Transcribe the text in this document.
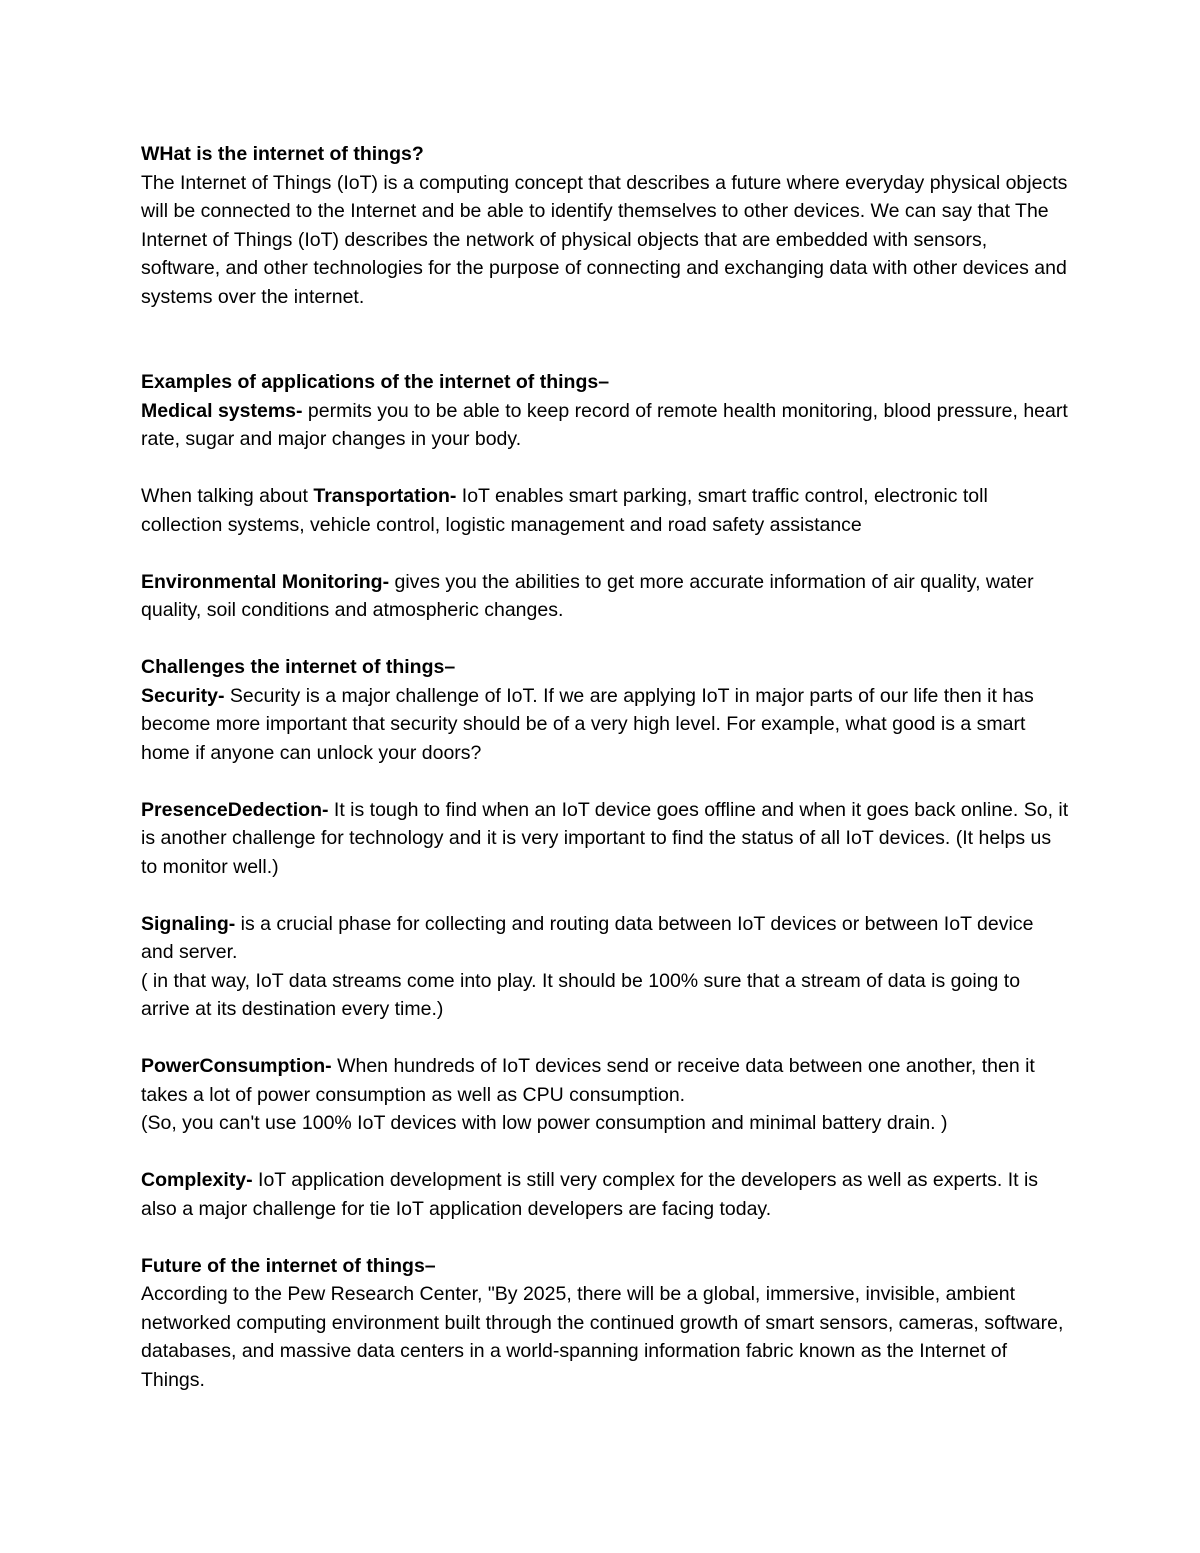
WHat is the internet of things?

The Internet of Things (IoT) is a computing concept that describes a future where everyday physical objects will be connected to the Internet and be able to identify themselves to other devices. We can say that The Internet of Things (IoT) describes the network of physical objects that are embedded with sensors, software, and other technologies for the purpose of connecting and exchanging data with other devices and systems over the internet.

Examples of applications of the internet of things–

Medical systems- permits you to be able to keep record of remote health monitoring, blood pressure, heart rate, sugar and major changes in your body.

When talking about Transportation- IoT enables smart parking, smart traffic control, electronic toll collection systems, vehicle control, logistic management and road safety assistance

Environmental Monitoring- gives you the abilities to get more accurate information of air quality, water quality, soil conditions and atmospheric changes.

Challenges the internet of things–

Security- Security is a major challenge of IoT. If we are applying IoT in major parts of our life then it has become more important that security should be of a very high level. For example, what good is a smart home if anyone can unlock your doors?

PresenceDedection- It is tough to find when an IoT device goes offline and when it goes back online. So, it is another challenge for technology and it is very important to find the status of all IoT devices. (It helps us to monitor well.)

Signaling- is a crucial phase for collecting and routing data between IoT devices or between IoT device and server.

( in that way, IoT data streams come into play. It should be 100% sure that a stream of data is going to arrive at its destination every time.)

PowerConsumption- When hundreds of IoT devices send or receive data between one another, then it takes a lot of power consumption as well as CPU consumption.

(So, you can't use 100% IoT devices with low power consumption and minimal battery drain. )

Complexity- IoT application development is still very complex for the developers as well as experts. It is also a major challenge for tie IoT application developers are facing today.

Future of the internet of things–

According to the Pew Research Center, "By 2025, there will be a global, immersive, invisible, ambient networked computing environment built through the continued growth of smart sensors, cameras, software, databases, and massive data centers in a world-spanning information fabric known as the Internet of Things.
